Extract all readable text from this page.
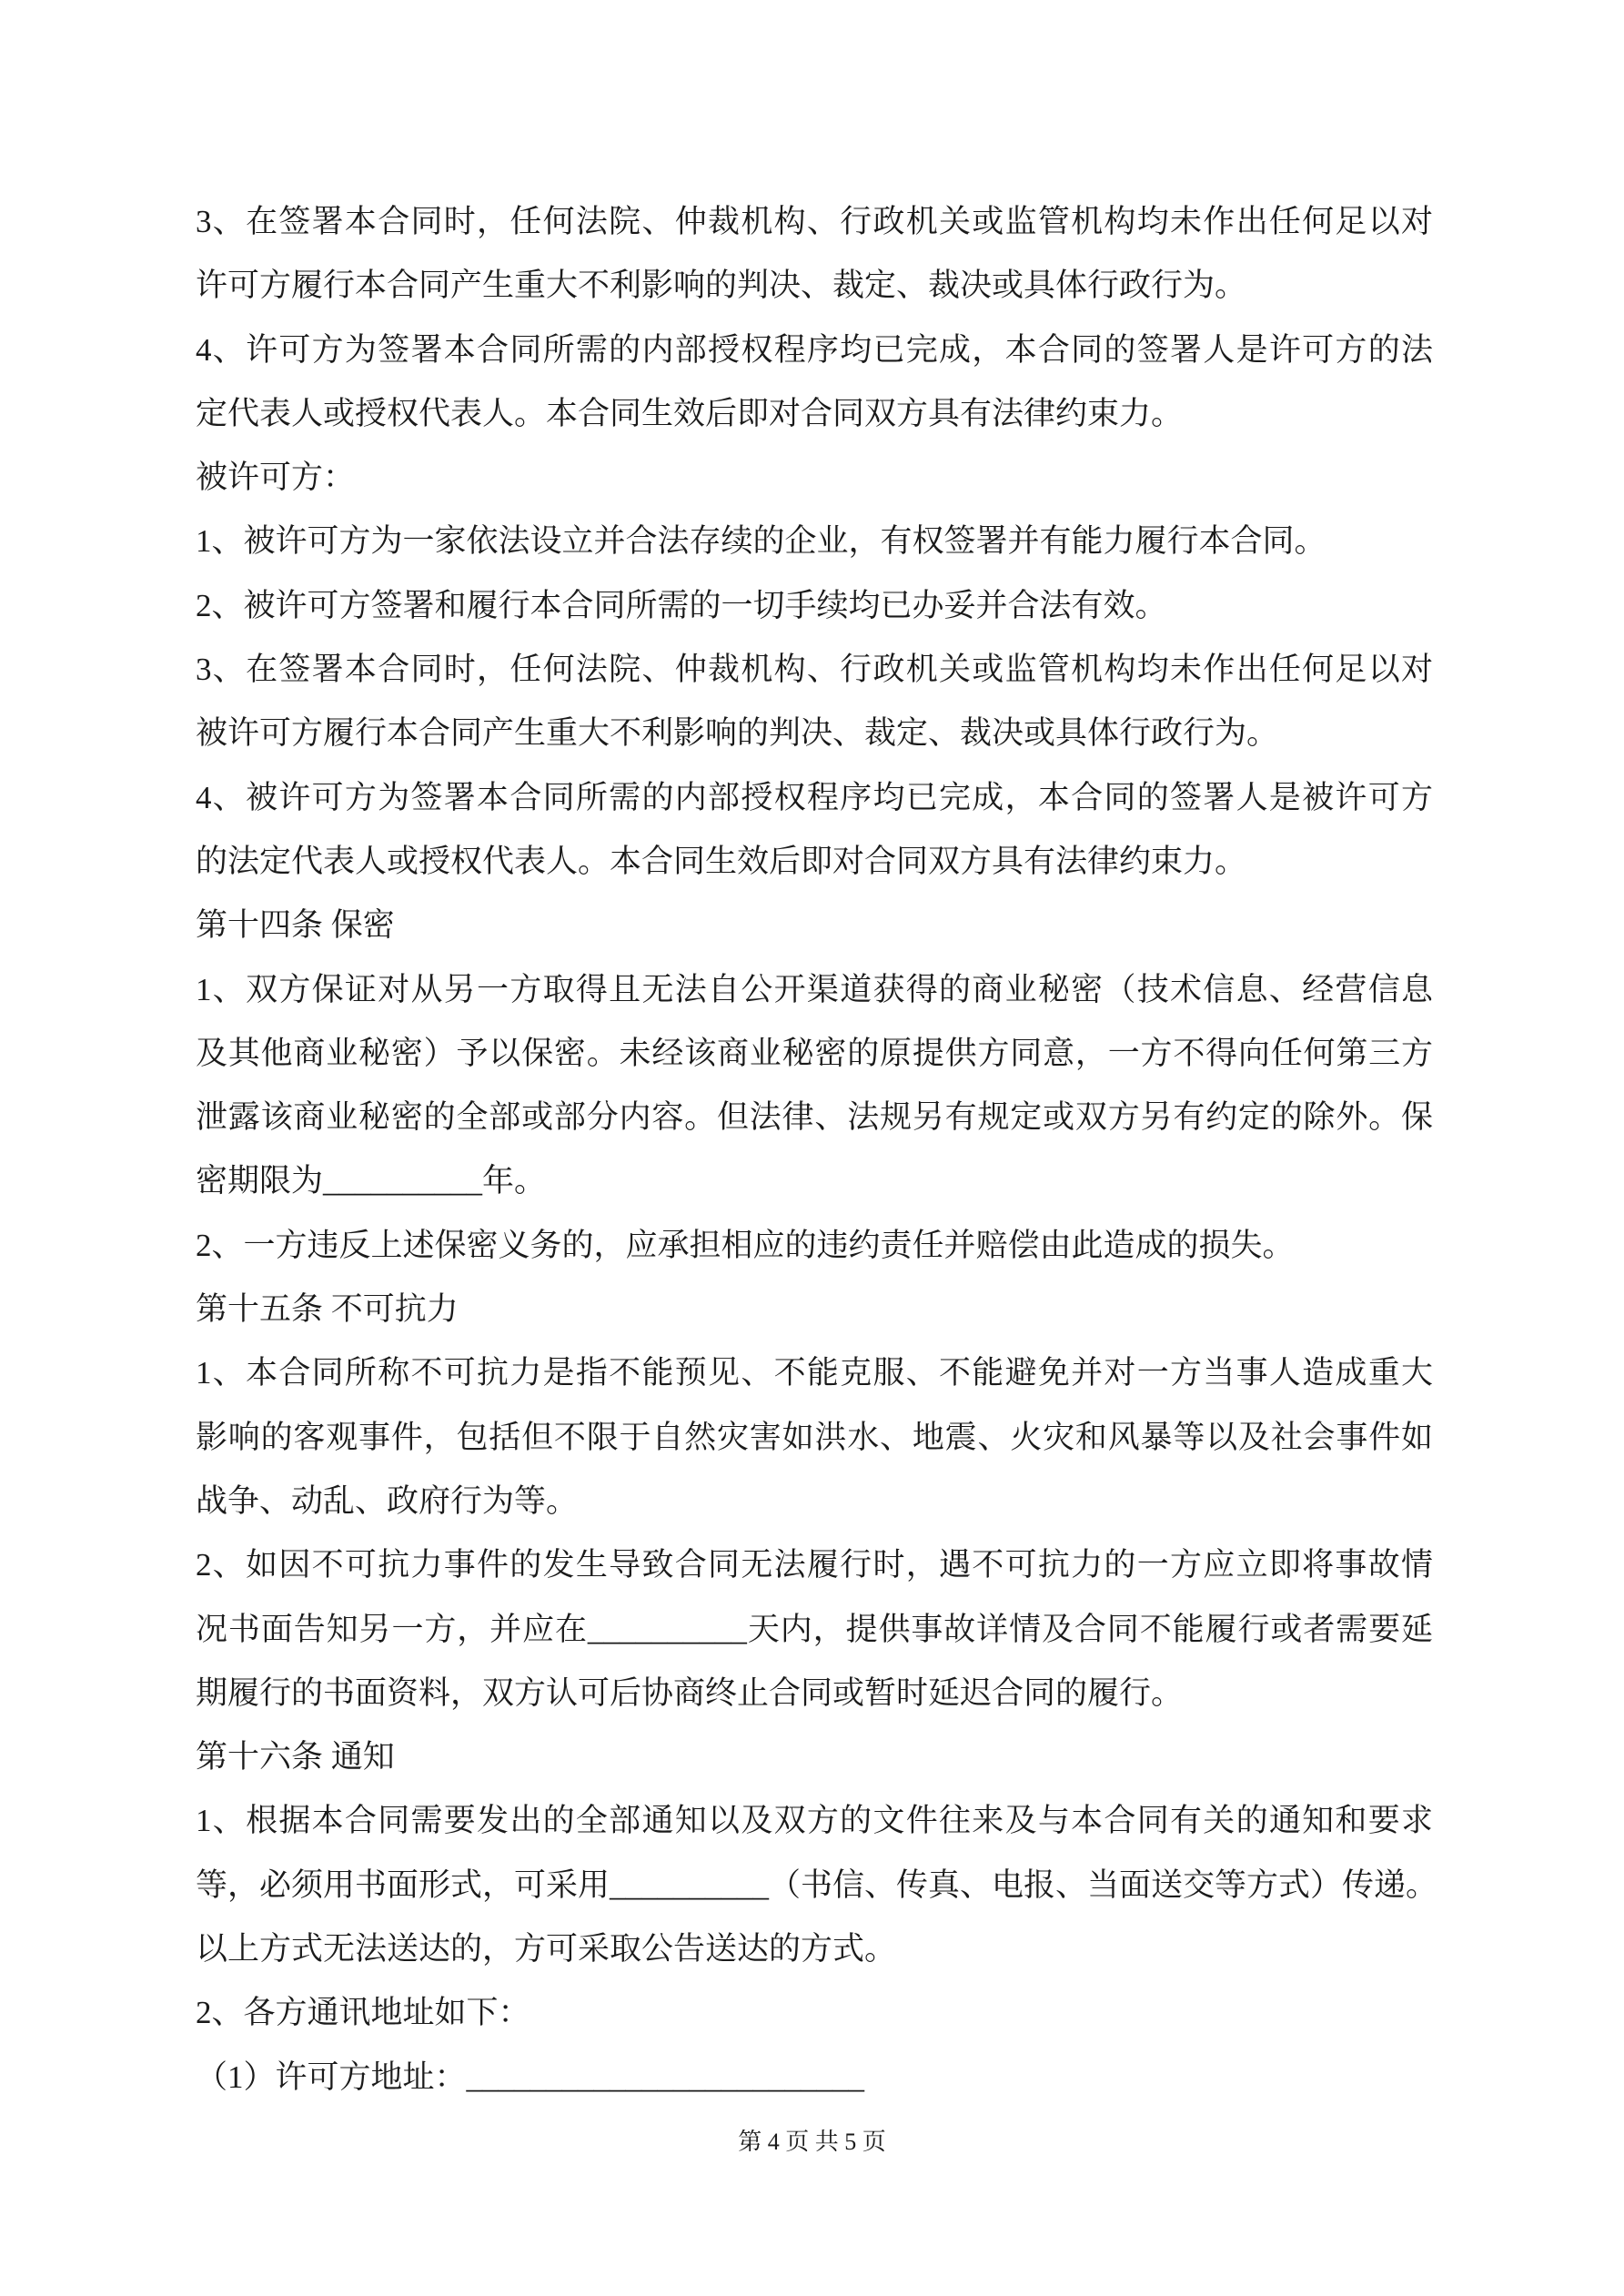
3、在签署本合同时，任何法院、仲裁机构、行政机关或监管机构均未作出任何足以对
许可方履行本合同产生重大不利影响的判决、裁定、裁决或具体行政行为。
4、许可方为签署本合同所需的内部授权程序均已完成，本合同的签署人是许可方的法
定代表人或授权代表人。本合同生效后即对合同双方具有法律约束力。
被许可方：
1、被许可方为一家依法设立并合法存续的企业，有权签署并有能力履行本合同。
2、被许可方签署和履行本合同所需的一切手续均已办妥并合法有效。
3、在签署本合同时，任何法院、仲裁机构、行政机关或监管机构均未作出任何足以对
被许可方履行本合同产生重大不利影响的判决、裁定、裁决或具体行政行为。
4、被许可方为签署本合同所需的内部授权程序均已完成，本合同的签署人是被许可方
的法定代表人或授权代表人。本合同生效后即对合同双方具有法律约束力。
第十四条 保密
1、双方保证对从另一方取得且无法自公开渠道获得的商业秘密（技术信息、经营信息
及其他商业秘密）予以保密。未经该商业秘密的原提供方同意，一方不得向任何第三方
泄露该商业秘密的全部或部分内容。但法律、法规另有规定或双方另有约定的除外。保
密期限为__________年。
2、一方违反上述保密义务的，应承担相应的违约责任并赔偿由此造成的损失。
第十五条 不可抗力
1、本合同所称不可抗力是指不能预见、不能克服、不能避免并对一方当事人造成重大
影响的客观事件，包括但不限于自然灾害如洪水、地震、火灾和风暴等以及社会事件如
战争、动乱、政府行为等。
2、如因不可抗力事件的发生导致合同无法履行时，遇不可抗力的一方应立即将事故情
况书面告知另一方，并应在__________天内，提供事故详情及合同不能履行或者需要延
期履行的书面资料，双方认可后协商终止合同或暂时延迟合同的履行。
第十六条 通知
1、根据本合同需要发出的全部通知以及双方的文件往来及与本合同有关的通知和要求
等，必须用书面形式，可采用__________（书信、传真、电报、当面送交等方式）传递。
以上方式无法送达的，方可采取公告送达的方式。
2、各方通讯地址如下：
（1）许可方地址：_________________________
第 4 页 共 5 页
